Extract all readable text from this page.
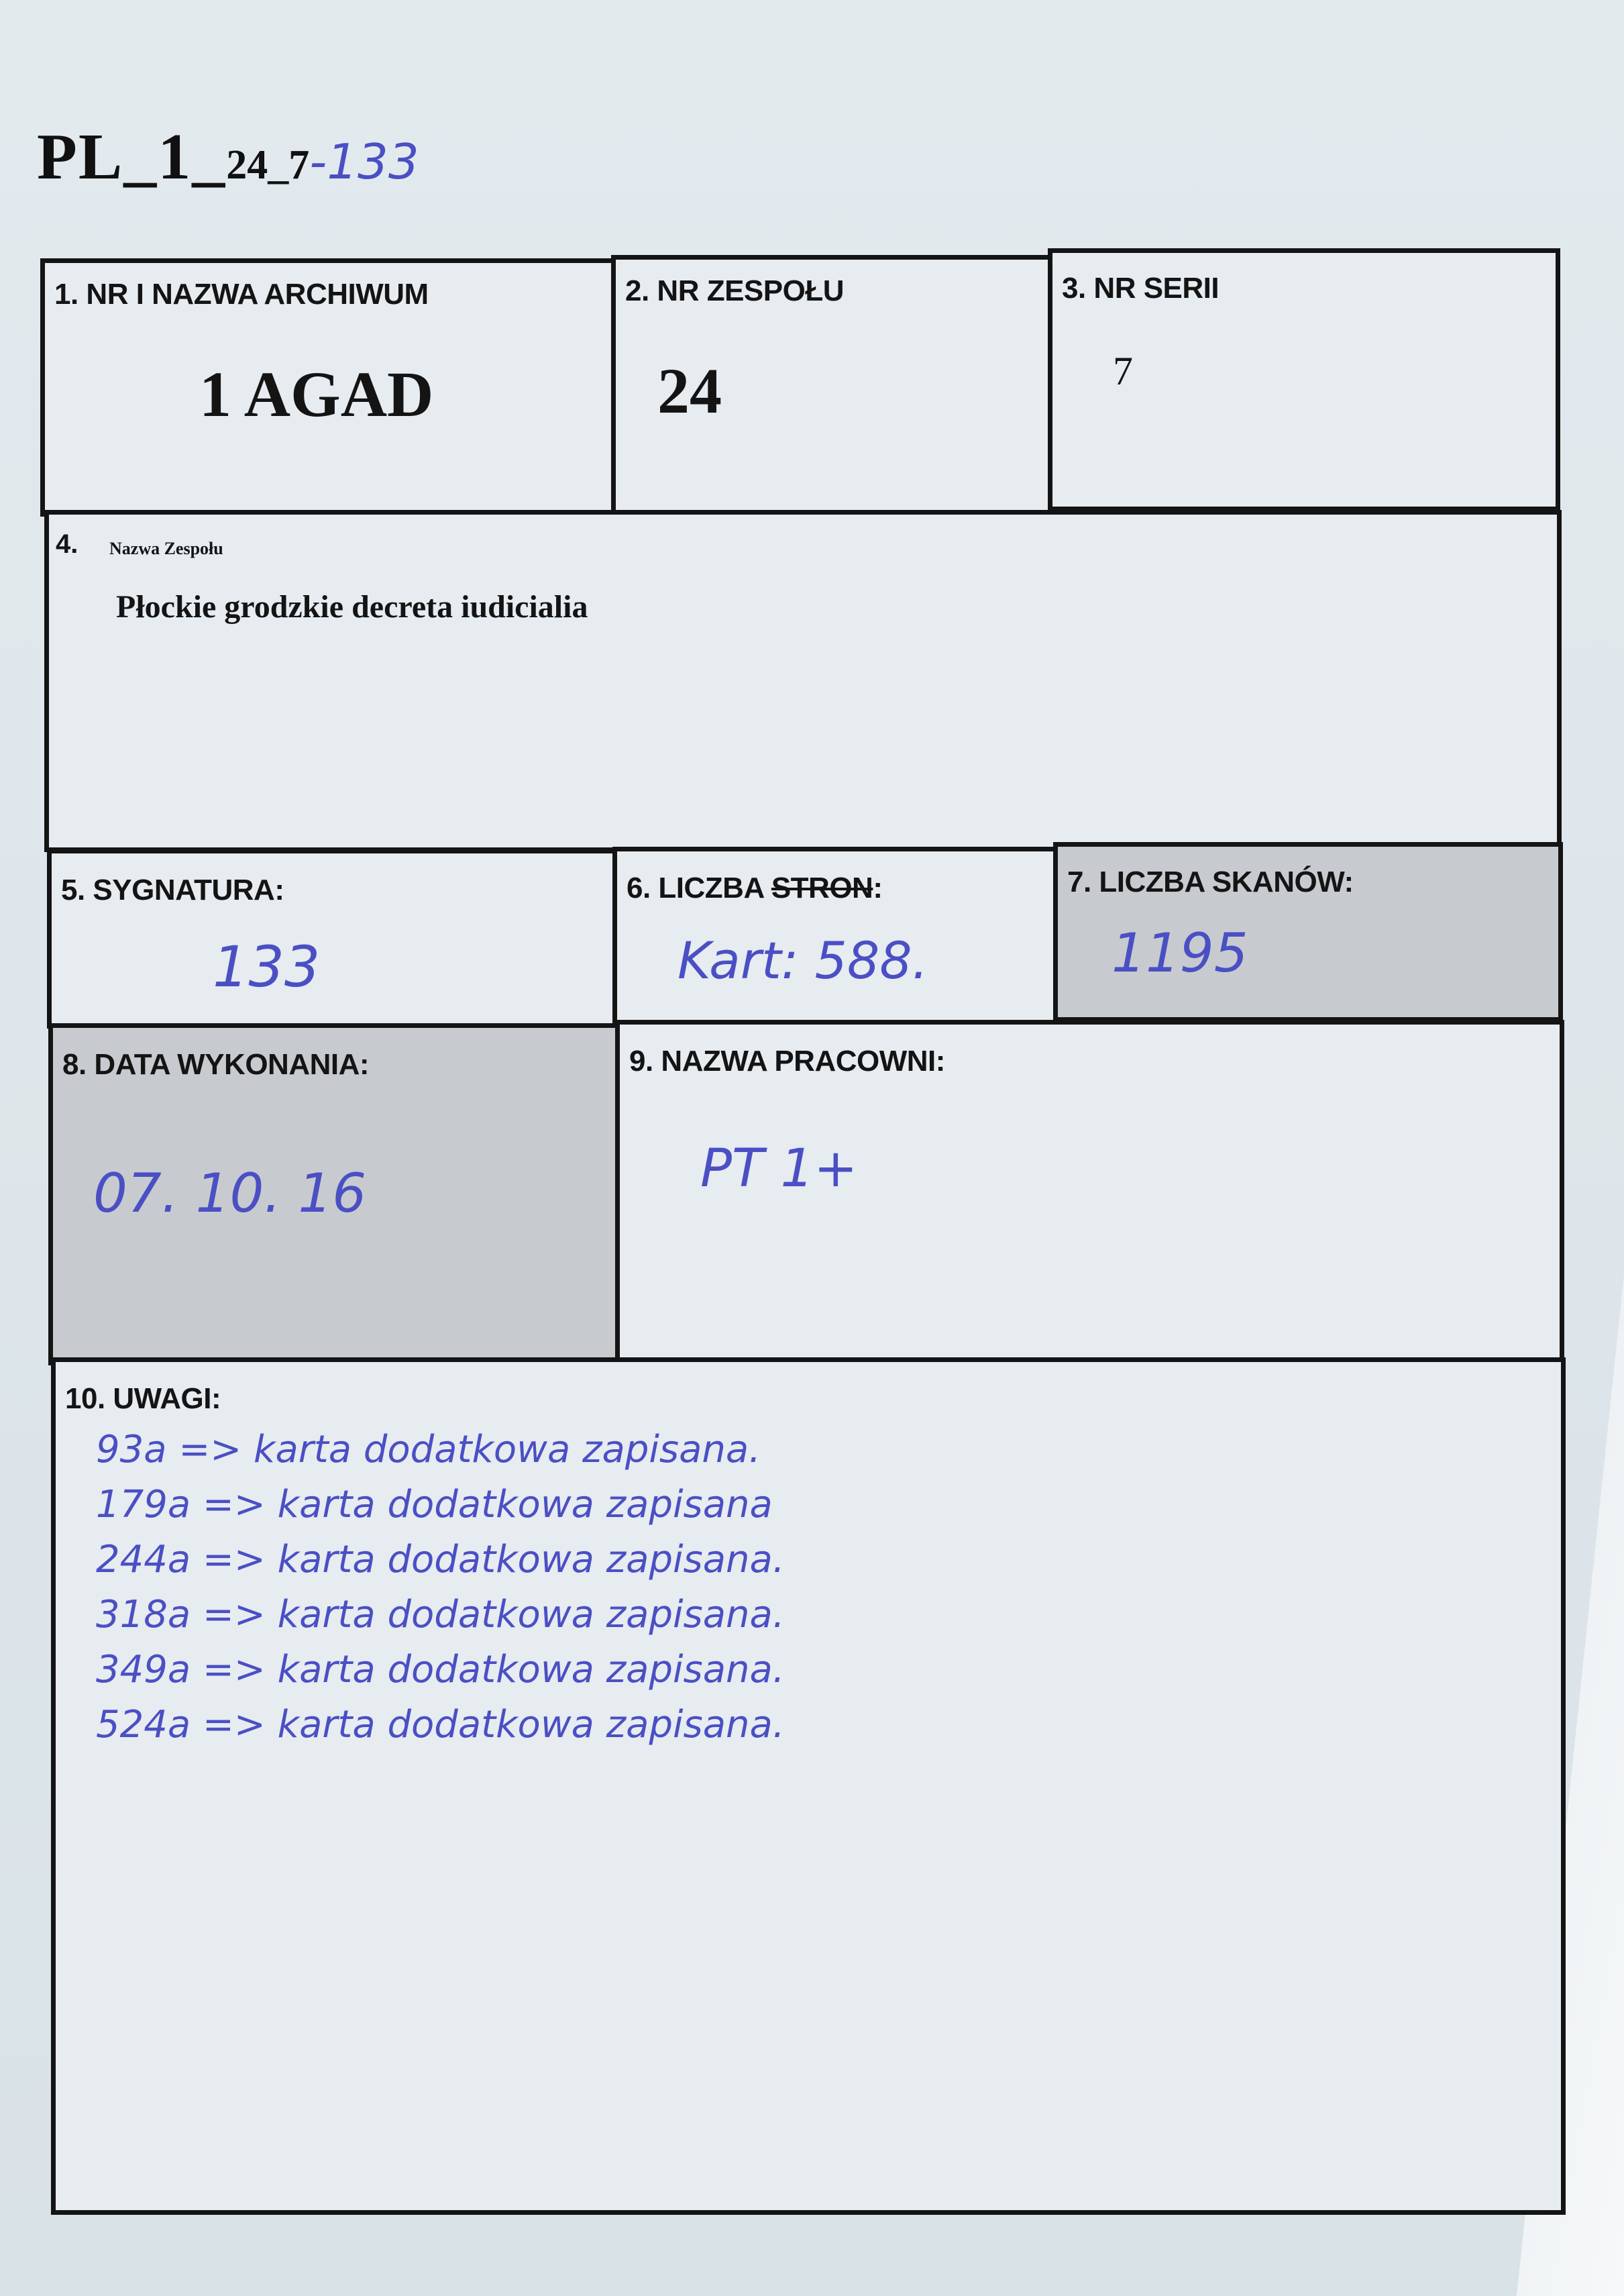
PL_1_24_7-133
1. NR I NAZWA ARCHIWUM
1 AGAD
2. NR ZESPOŁU
24
3. NR SERII
7
4. Nazwa Zespołu
Płockie grodzkie decreta iudicialia
5. SYGNATURA:
133
6. LICZBA STRON:
Kart: 588.
7. LICZBA SKANÓW:
1195
8. DATA WYKONANIA:
07. 10. 16
9. NAZWA PRACOWNI:
PT 1+
10. UWAGI:
93a => karta dodatkowa zapisana.
179a => karta dodatkowa zapisana
244a => karta dodatkowa zapisana.
318a => karta dodatkowa zapisana.
349a => karta dodatkowa zapisana.
524a => karta dodatkowa zapisana.
